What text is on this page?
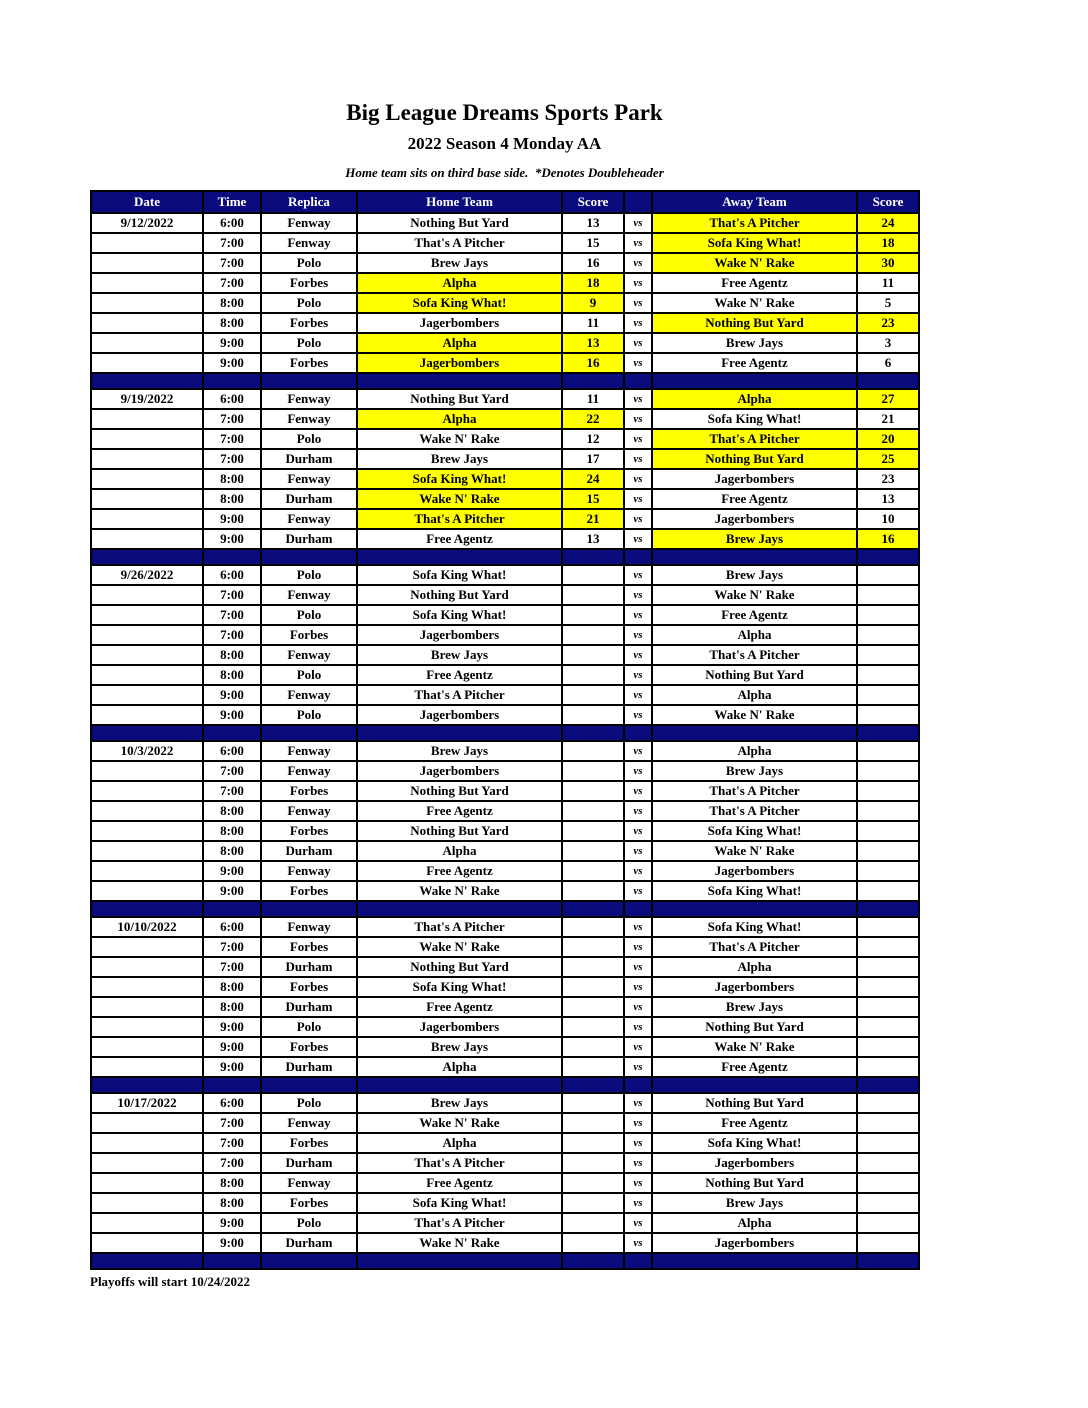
Big League Dreams Sports Park
2022 Season 4 Monday AA
Home team sits on third base side.  *Denotes Doubleheader
Date	Time	Replica	Home Team	Score		Away Team	Score
9/12/2022	6:00	Fenway	Nothing But Yard	13	vs	That's A Pitcher	24
	7:00	Fenway	That's A Pitcher	15	vs	Sofa King What!	18
	7:00	Polo	Brew Jays	16	vs	Wake N' Rake	30
	7:00	Forbes	Alpha	18	vs	Free Agentz	11
	8:00	Polo	Sofa King What!	9	vs	Wake N' Rake	5
	8:00	Forbes	Jagerbombers	11	vs	Nothing But Yard	23
	9:00	Polo	Alpha	13	vs	Brew Jays	3
	9:00	Forbes	Jagerbombers	16	vs	Free Agentz	6

9/19/2022	6:00	Fenway	Nothing But Yard	11	vs	Alpha	27
	7:00	Fenway	Alpha	22	vs	Sofa King What!	21
	7:00	Polo	Wake N' Rake	12	vs	That's A Pitcher	20
	7:00	Durham	Brew Jays	17	vs	Nothing But Yard	25
	8:00	Fenway	Sofa King What!	24	vs	Jagerbombers	23
	8:00	Durham	Wake N' Rake	15	vs	Free Agentz	13
	9:00	Fenway	That's A Pitcher	21	vs	Jagerbombers	10
	9:00	Durham	Free Agentz	13	vs	Brew Jays	16

9/26/2022	6:00	Polo	Sofa King What!		vs	Brew Jays	
	7:00	Fenway	Nothing But Yard		vs	Wake N' Rake	
	7:00	Polo	Sofa King What!		vs	Free Agentz	
	7:00	Forbes	Jagerbombers		vs	Alpha	
	8:00	Fenway	Brew Jays		vs	That's A Pitcher	
	8:00	Polo	Free Agentz		vs	Nothing But Yard	
	9:00	Fenway	That's A Pitcher		vs	Alpha	
	9:00	Polo	Jagerbombers		vs	Wake N' Rake	

10/3/2022	6:00	Fenway	Brew Jays		vs	Alpha	
	7:00	Fenway	Jagerbombers		vs	Brew Jays	
	7:00	Forbes	Nothing But Yard		vs	That's A Pitcher	
	8:00	Fenway	Free Agentz		vs	That's A Pitcher	
	8:00	Forbes	Nothing But Yard		vs	Sofa King What!	
	8:00	Durham	Alpha		vs	Wake N' Rake	
	9:00	Fenway	Free Agentz		vs	Jagerbombers	
	9:00	Forbes	Wake N' Rake		vs	Sofa King What!	

10/10/2022	6:00	Fenway	That's A Pitcher		vs	Sofa King What!	
	7:00	Forbes	Wake N' Rake		vs	That's A Pitcher	
	7:00	Durham	Nothing But Yard		vs	Alpha	
	8:00	Forbes	Sofa King What!		vs	Jagerbombers	
	8:00	Durham	Free Agentz		vs	Brew Jays	
	9:00	Polo	Jagerbombers		vs	Nothing But Yard	
	9:00	Forbes	Brew Jays		vs	Wake N' Rake	
	9:00	Durham	Alpha		vs	Free Agentz	

10/17/2022	6:00	Polo	Brew Jays		vs	Nothing But Yard	
	7:00	Fenway	Wake N' Rake		vs	Free Agentz	
	7:00	Forbes	Alpha		vs	Sofa King What!	
	7:00	Durham	That's A Pitcher		vs	Jagerbombers	
	8:00	Fenway	Free Agentz		vs	Nothing But Yard	
	8:00	Forbes	Sofa King What!		vs	Brew Jays	
	9:00	Polo	That's A Pitcher		vs	Alpha	
	9:00	Durham	Wake N' Rake		vs	Jagerbombers	

Playoffs will start 10/24/2022
